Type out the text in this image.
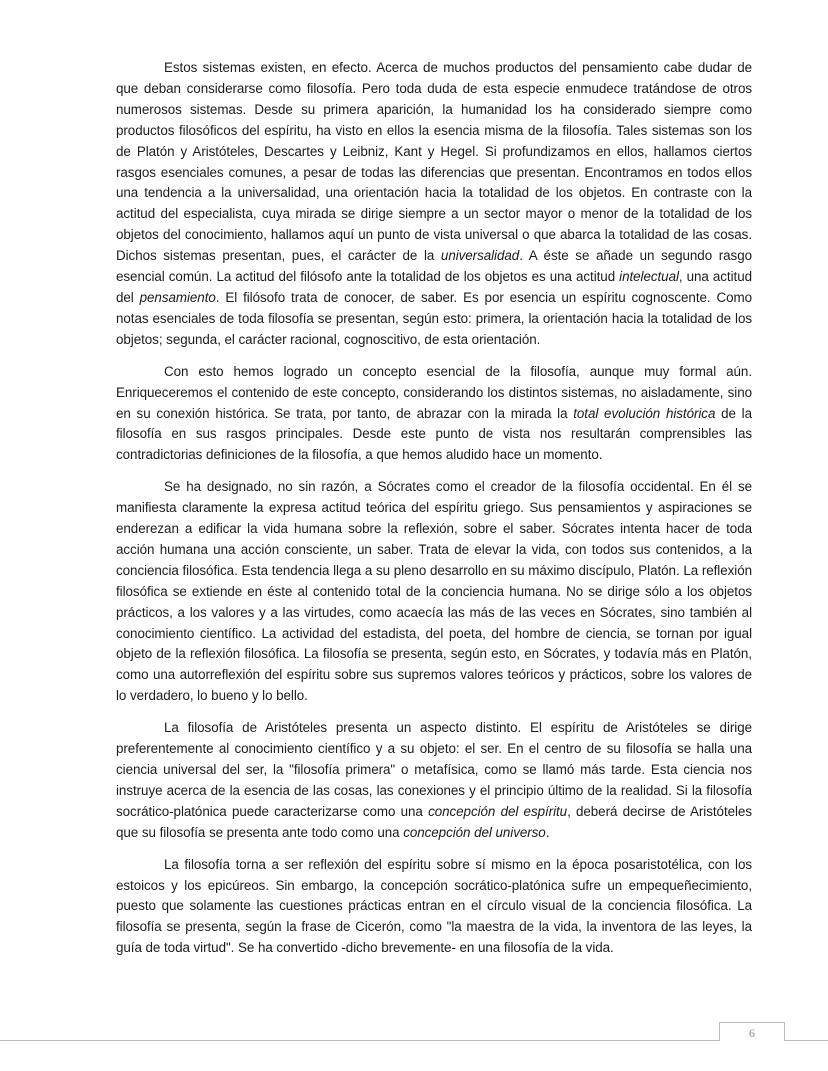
Estos sistemas existen, en efecto. Acerca de muchos productos del pensamiento cabe dudar de que deban considerarse como filosofía. Pero toda duda de esta especie enmudece tratándose de otros numerosos sistemas. Desde su primera aparición, la humanidad los ha considerado siempre como productos filosóficos del espíritu, ha visto en ellos la esencia misma de la filosofía. Tales sistemas son los de Platón y Aristóteles, Descartes y Leibniz, Kant y Hegel. Si profundizamos en ellos, hallamos ciertos rasgos esenciales comunes, a pesar de todas las diferencias que presentan. Encontramos en todos ellos una tendencia a la universalidad, una orientación hacia la totalidad de los objetos. En contraste con la actitud del especialista, cuya mirada se dirige siempre a un sector mayor o menor de la totalidad de los objetos del conocimiento, hallamos aquí un punto de vista universal o que abarca la totalidad de las cosas. Dichos sistemas presentan, pues, el carácter de la universalidad. A éste se añade un segundo rasgo esencial común. La actitud del filósofo ante la totalidad de los objetos es una actitud intelectual, una actitud del pensamiento. El filósofo trata de conocer, de saber. Es por esencia un espíritu cognoscente. Como notas esenciales de toda filosofía se presentan, según esto: primera, la orientación hacia la totalidad de los objetos; segunda, el carácter racional, cognoscitivo, de esta orientación.

Con esto hemos logrado un concepto esencial de la filosofía, aunque muy formal aún. Enriqueceremos el contenido de este concepto, considerando los distintos sistemas, no aisladamente, sino en su conexión histórica. Se trata, por tanto, de abrazar con la mirada la total evolución histórica de la filosofía en sus rasgos principales. Desde este punto de vista nos resultarán comprensibles las contradictorias definiciones de la filosofía, a que hemos aludido hace un momento.

Se ha designado, no sin razón, a Sócrates como el creador de la filosofía occidental. En él se manifiesta claramente la expresa actitud teórica del espíritu griego. Sus pensamientos y aspiraciones se enderezan a edificar la vida humana sobre la reflexión, sobre el saber. Sócrates intenta hacer de toda acción humana una acción consciente, un saber. Trata de elevar la vida, con todos sus contenidos, a la conciencia filosófica. Esta tendencia llega a su pleno desarrollo en su máximo discípulo, Platón. La reflexión filosófica se extiende en éste al contenido total de la conciencia humana. No se dirige sólo a los objetos prácticos, a los valores y a las virtudes, como acaecía las más de las veces en Sócrates, sino también al conocimiento científico. La actividad del estadista, del poeta, del hombre de ciencia, se tornan por igual objeto de la reflexión filosófica. La filosofía se presenta, según esto, en Sócrates, y todavía más en Platón, como una autorreflexión del espíritu sobre sus supremos valores teóricos y prácticos, sobre los valores de lo verdadero, lo bueno y lo bello.

La filosofía de Aristóteles presenta un aspecto distinto. El espíritu de Aristóteles se dirige preferentemente al conocimiento científico y a su objeto: el ser. En el centro de su filosofía se halla una ciencia universal del ser, la "filosofía primera" o metafísica, como se llamó más tarde. Esta ciencia nos instruye acerca de la esencia de las cosas, las conexiones y el principio último de la realidad. Si la filosofía socrático-platónica puede caracterizarse como una concepción del espíritu, deberá decirse de Aristóteles que su filosofía se presenta ante todo como una concepción del universo.

La filosofía torna a ser reflexión del espíritu sobre sí mismo en la época posaristotélica, con los estoicos y los epicúreos. Sin embargo, la concepción socrático-platónica sufre un empequeñecimiento, puesto que solamente las cuestiones prácticas entran en el círculo visual de la conciencia filosófica. La filosofía se presenta, según la frase de Cicerón, como "la maestra de la vida, la inventora de las leyes, la guía de toda virtud". Se ha convertido -dicho brevemente- en una filosofía de la vida.

6
